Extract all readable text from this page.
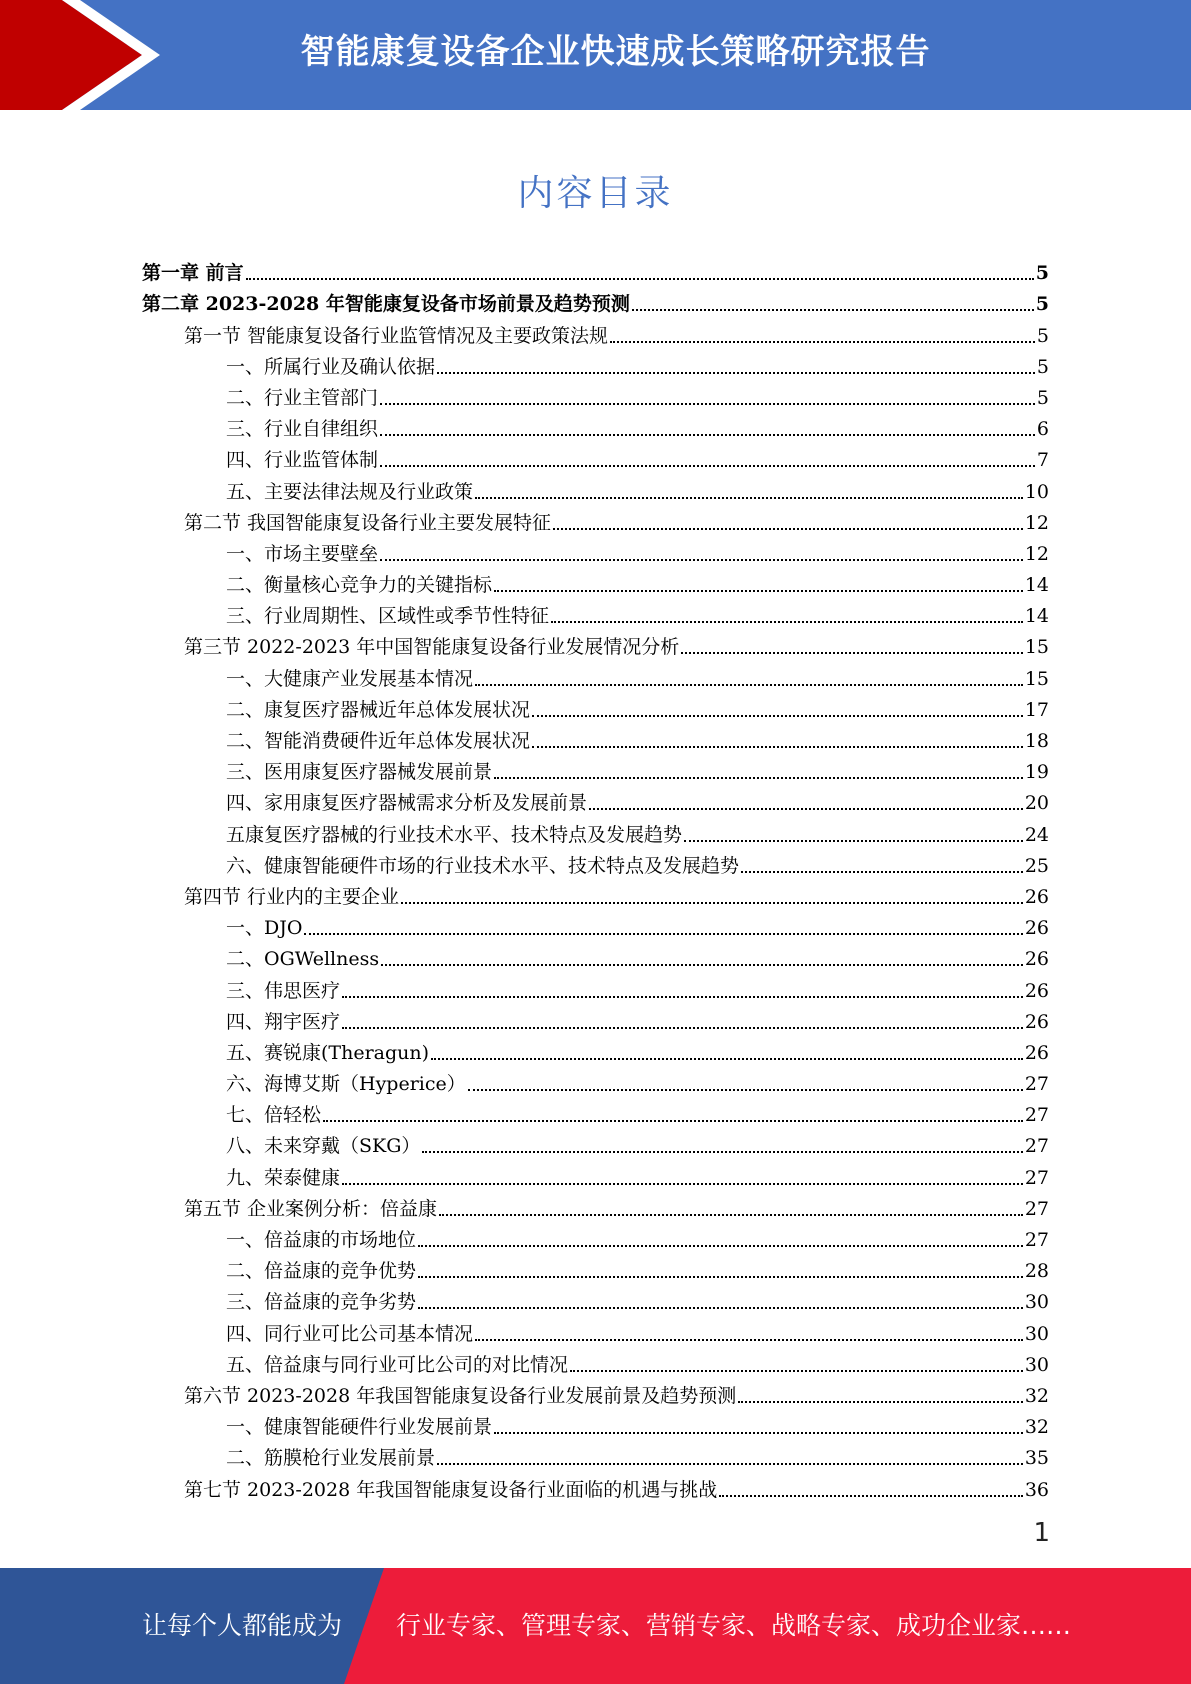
智能康复设备企业快速成长策略研究报告
内容目录
第一章 前言	5
第二章 2023-2028 年智能康复设备市场前景及趋势预测	5
第一节 智能康复设备行业监管情况及主要政策法规	5
一、所属行业及确认依据	5
二、行业主管部门	5
三、行业自律组织	6
四、行业监管体制	7
五、主要法律法规及行业政策	10
第二节 我国智能康复设备行业主要发展特征	12
一、市场主要壁垒	12
二、衡量核心竞争力的关键指标	14
三、行业周期性、区域性或季节性特征	14
第三节 2022-2023 年中国智能康复设备行业发展情况分析	15
一、大健康产业发展基本情况	15
二、康复医疗器械近年总体发展状况	17
二、智能消费硬件近年总体发展状况	18
三、医用康复医疗器械发展前景	19
四、家用康复医疗器械需求分析及发展前景	20
五康复医疗器械的行业技术水平、技术特点及发展趋势	24
六、健康智能硬件市场的行业技术水平、技术特点及发展趋势	25
第四节 行业内的主要企业	26
一、DJO	26
二、OGWellness	26
三、伟思医疗	26
四、翔宇医疗	26
五、赛锐康(Theragun)	26
六、海博艾斯（Hyperice）	27
七、倍轻松	27
八、未来穿戴（SKG）	27
九、荣泰健康	27
第五节 企业案例分析：倍益康	27
一、倍益康的市场地位	27
二、倍益康的竞争优势	28
三、倍益康的竞争劣势	30
四、同行业可比公司基本情况	30
五、倍益康与同行业可比公司的对比情况	30
第六节 2023-2028 年我国智能康复设备行业发展前景及趋势预测	32
一、健康智能硬件行业发展前景	32
二、筋膜枪行业发展前景	35
第七节 2023-2028 年我国智能康复设备行业面临的机遇与挑战	36
1
让每个人都能成为 行业专家、管理专家、营销专家、战略专家、成功企业家……
